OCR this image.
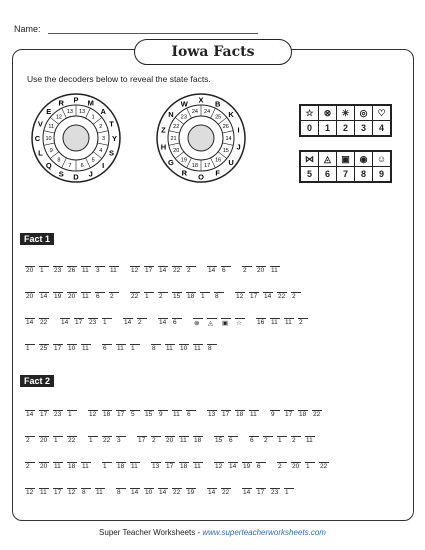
Name:
Iowa Facts
Use the decoders below to reveal the state facts.
P M
A
T
Y
S
I
J
D
S
Q
L
C
V
E
R
13
1
2
3
4
5
6
7
8
9
10
11
12
13
X B
K
I
J
U
F
O
R
G
H
Z
N
W
24
25
26
14
15
16
17
18
19
20
21
22
23
24	☆	⊗	✳	◎	♡
0	1	2	3	4
⋈	◬	▣	◉	☺
5	6	7	8	9
Fact 1
20 1 23 26 11 3 11 12 17 14 22 2	14 6	2 20 11
20 14 19 20 11 6 2	22 1 2 15 18 1 8	12 17 14 22 2
14 22 14 17 23 1	14 2	14 6	⊗ ◬ ▣ ☆ 16 11 11 2
1 25 17 10 11 6 11 1	8 11 10 11 8
Fact 2
14 17 23 1	12 18 17 5 15 9 11 6	13 17 18 11 9 17 18 22
2 20 1 22 1 22 3	17 2 20 11 18 15 6	6 2 1 2 11
2 20 11 18 11 1 18 11 13 17 18 11 12 14 19 6	2 20 1 22
12 11 17 12 8 11 8 14 10 14 22 19 14 22 14 17 23 1
Super Teacher Worksheets - www.superteacherworksheets.com
